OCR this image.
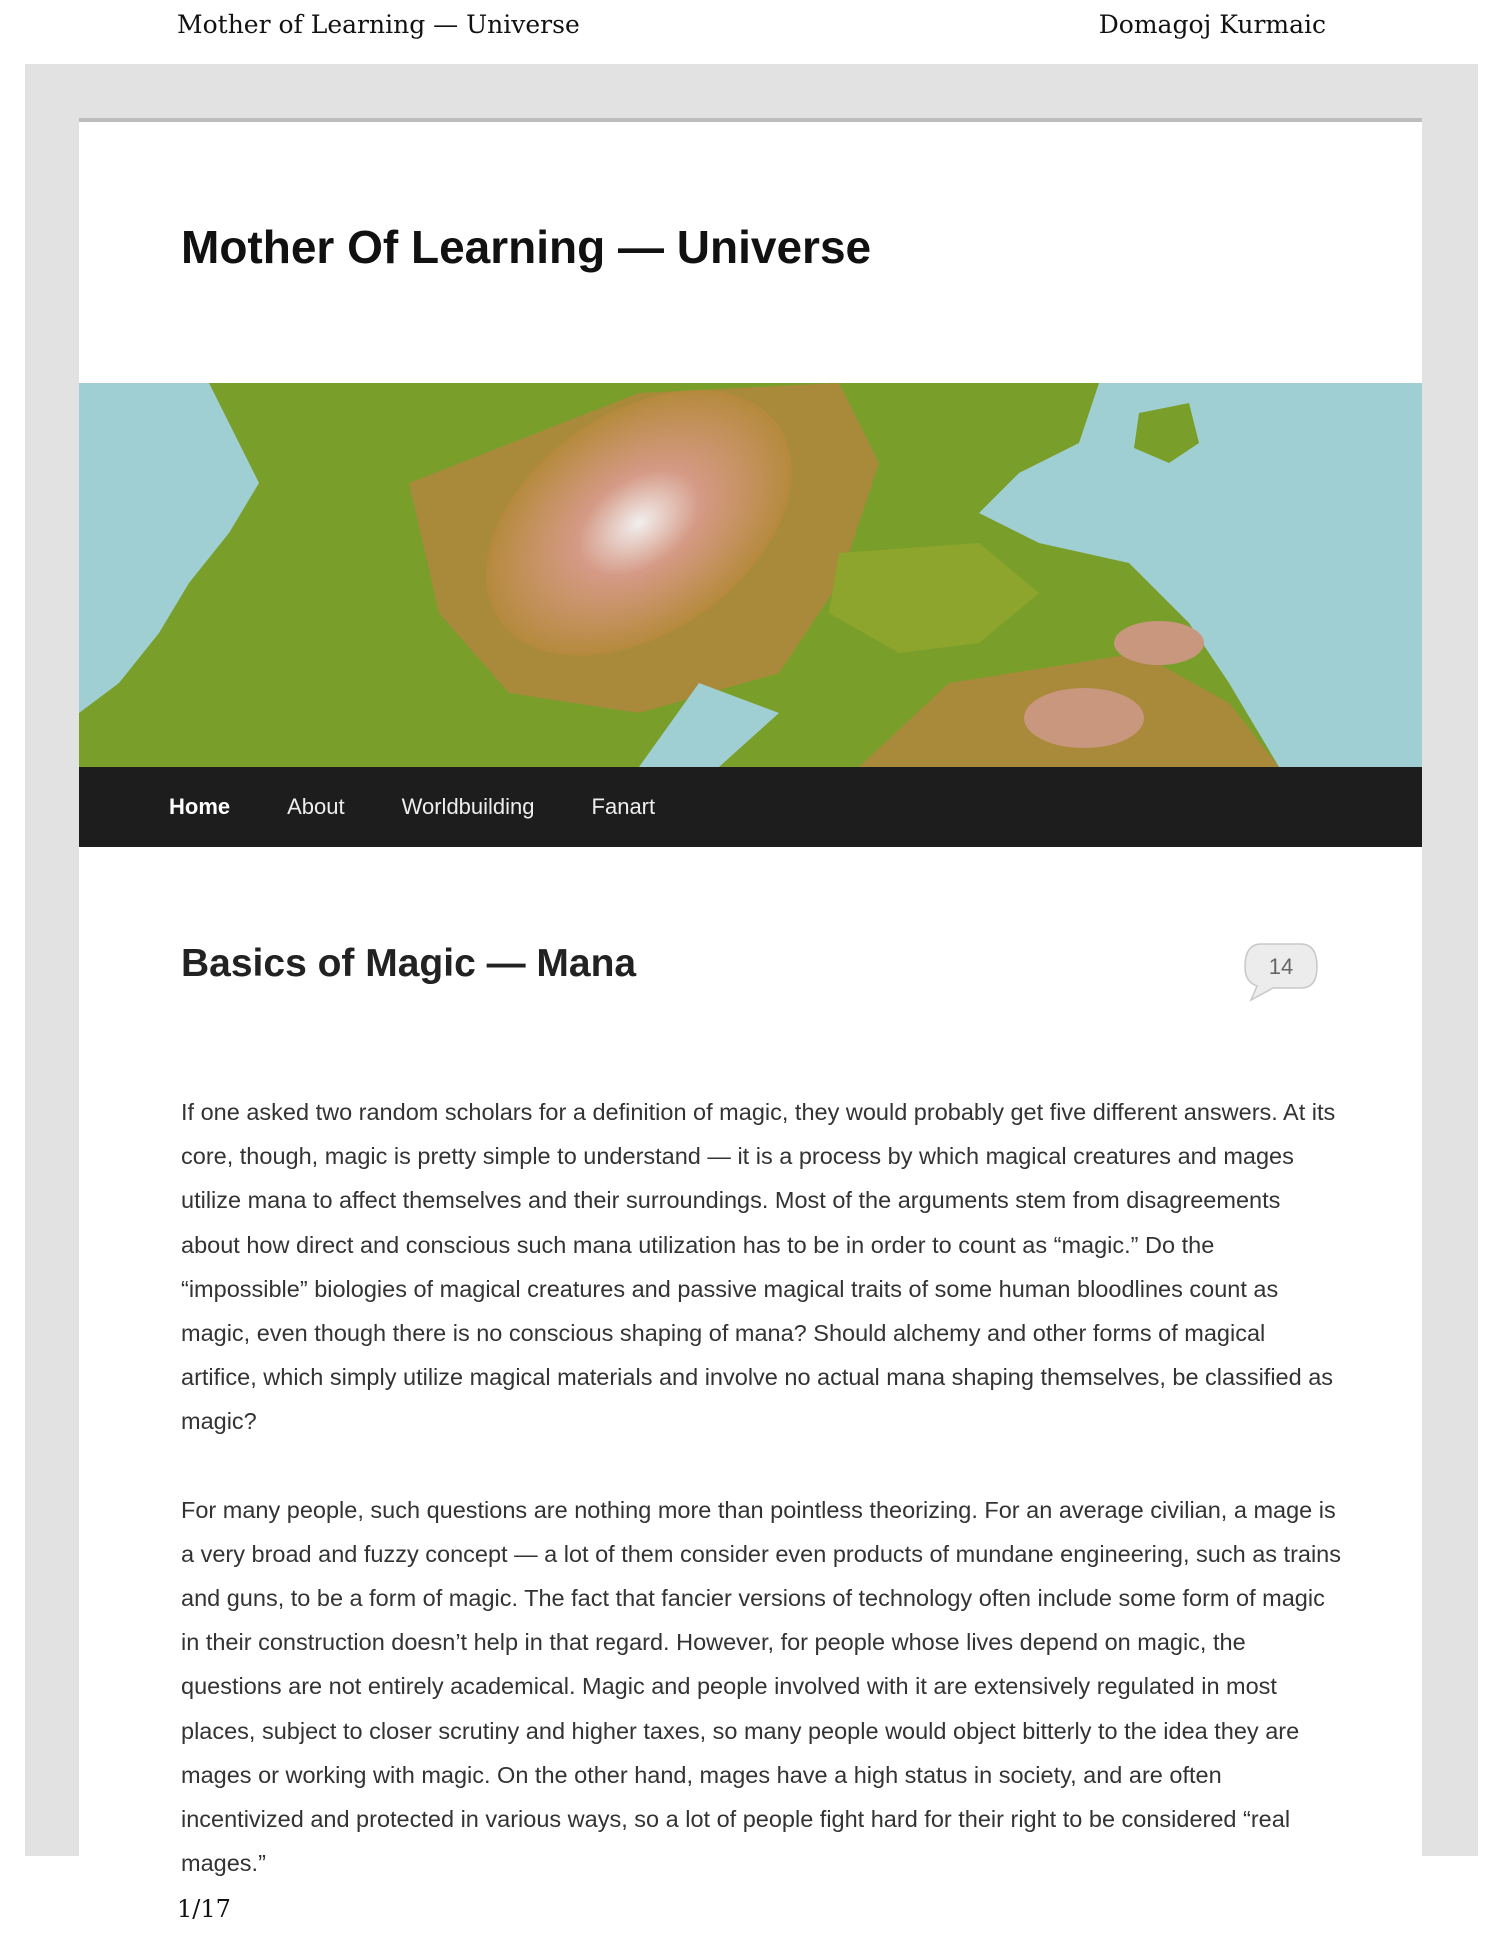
Mother of Learning — Universe	Domagoj Kurmaic
Mother Of Learning — Universe
Home	About	Worldbuilding	Fanart
Basics of Magic — Mana	14

If one asked two random scholars for a definition of magic, they would probably get five different answers. At its core, though, magic is pretty simple to understand — it is a process by which magical creatures and mages utilize mana to affect themselves and their surroundings. Most of the arguments stem from disagreements about how direct and conscious such mana utilization has to be in order to count as “magic.” Do the “impossible” biologies of magical creatures and passive magical traits of some human bloodlines count as magic, even though there is no conscious shaping of mana? Should alchemy and other forms of magical artifice, which simply utilize magical materials and involve no actual mana shaping themselves, be classified as magic?

For many people, such questions are nothing more than pointless theorizing. For an average civilian, a mage is a very broad and fuzzy concept — a lot of them consider even products of mundane engineering, such as trains and guns, to be a form of magic. The fact that fancier versions of technology often include some form of magic in their construction doesn’t help in that regard. However, for people whose lives depend on magic, the questions are not entirely academical. Magic and people involved with it are extensively regulated in most places, subject to closer scrutiny and higher taxes, so many people would object bitterly to the idea they are mages or working with magic. On the other hand, mages have a high status in society, and are often incentivized and protected in various ways, so a lot of people fight hard for their right to be considered “real mages.”

1/17
